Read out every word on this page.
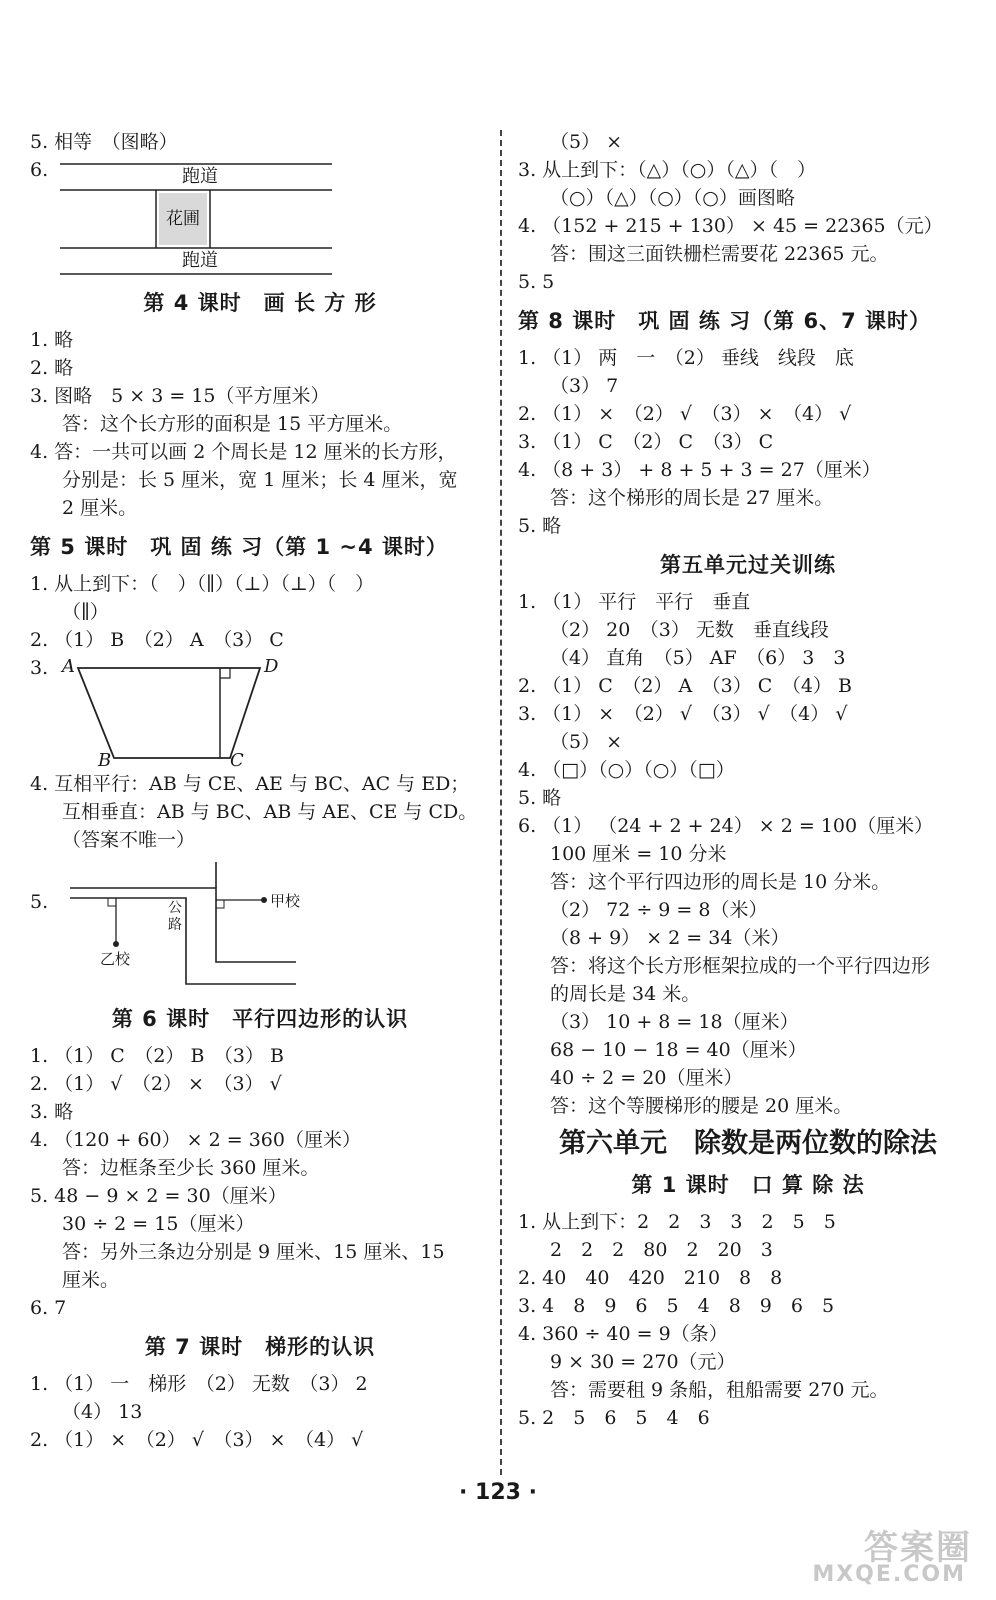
5. 相等　（图略）
6.	跑道
花圃
跑道
第 4 课时　画 长 方 形
1. 略
2. 略
3. 图略　5 × 3 = 15（平方厘米）
答：这个长方形的面积是 15 平方厘米。
4. 答：一共可以画 2 个周长是 12 厘米的长方形，
分别是：长 5 厘米，宽 1 厘米；长 4 厘米，宽
2 厘米。
第 5 课时　巩 固 练 习（第 1 ~4 课时）
1. 从上到下：（　）（∥）（⊥）（⊥）（　）
（∥）
2. （1） B　（2） A　（3） C
3. A	D
B	C
4. 互相平行：AB 与 CE、AE 与 BC、AC 与 ED；
互相垂直：AB 与 BC、AB 与 AE、CE 与 CD。
（答案不唯一）
5.	公路
甲校
乙校
第 6 课时　平行四边形的认识
1. （1） C　（2） B　（3） B
2. （1） √　（2） ×　（3） √
3. 略
4. （120 + 60） × 2 = 360（厘米）
答：边框条至少长 360 厘米。
5. 48 − 9 × 2 = 30（厘米）
30 ÷ 2 = 15（厘米）
答：另外三条边分别是 9 厘米、15 厘米、15
厘米。
6. 7
第 7 课时　梯形的认识
1. （1） 一　梯形　（2） 无数　（3） 2
（4） 13
2. （1） ×　（2） √　（3） ×　（4） √
（5） ×
3. 从上到下：（△）（○）（△）（　）
（○）（△）（○）（○）画图略
4. （152 + 215 + 130） × 45 = 22365（元）
答：围这三面铁栅栏需要花 22365 元。
5. 5
第 8 课时　巩 固 练 习（第 6、7 课时）
1. （1） 两　一　（2） 垂线　线段　底
（3） 7
2. （1） ×　（2） √　（3） ×　（4） √
3. （1） C　（2） C　（3） C
4. （8 + 3） + 8 + 5 + 3 = 27（厘米）
答：这个梯形的周长是 27 厘米。
5. 略
第五单元过关训练
1. （1） 平行　平行　垂直
（2） 20　（3） 无数　垂直线段
（4） 直角　（5） AF　（6） 3　3
2. （1） C　（2） A　（3） C　（4） B
3. （1） ×　（2） √　（3） √　（4） √
（5） ×
4. （□）（○）（○）（□）
5. 略
6. （1） （24 + 2 + 24） × 2 = 100（厘米）
100 厘米 = 10 分米
答：这个平行四边形的周长是 10 分米。
（2） 72 ÷ 9 = 8（米）
（8 + 9） × 2 = 34（米）
答：将这个长方形框架拉成的一个平行四边形
的周长是 34 米。
（3） 10 + 8 = 18（厘米）
68 − 10 − 18 = 40（厘米）
40 ÷ 2 = 20（厘米）
答：这个等腰梯形的腰是 20 厘米。
第六单元　除数是两位数的除法
第 1 课时　口 算 除 法
1. 从上到下：2　2　3　3　2　5　5
2　2　2　80　2　20　3
2. 40　40　420　210　8　8
3. 4　8　9　6　5　4　8　9　6　5
4. 360 ÷ 40 = 9（条）
9 × 30 = 270（元）
答：需要租 9 条船，租船需要 270 元。
5. 2　5　6　5　4　6
· 123 ·
答案圈
MXQE.COM
